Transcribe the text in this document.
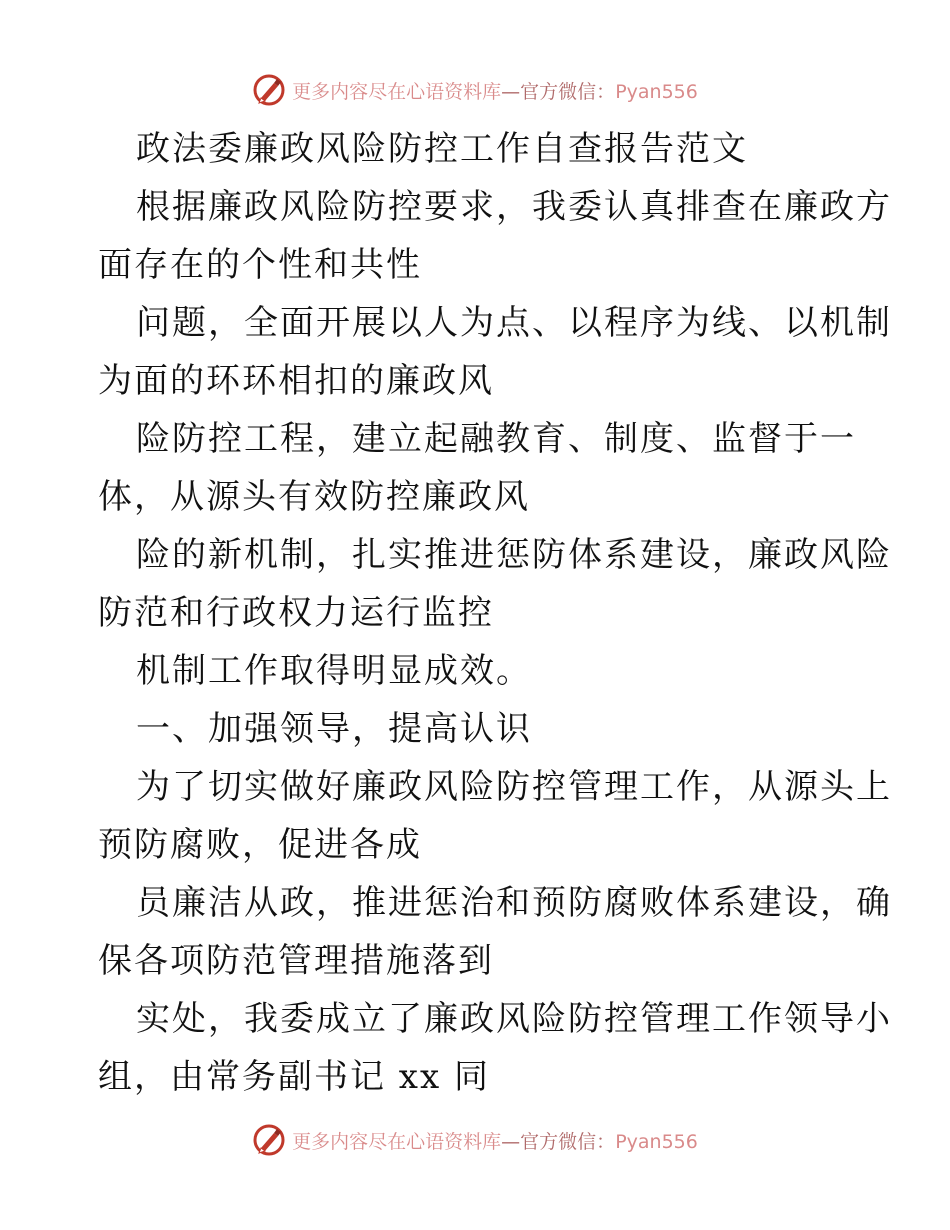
更多内容尽在心语资料库—官方微信：Pyan556
政法委廉政风险防控工作自查报告范文
根据廉政风险防控要求，我委认真排查在廉政方
面存在的个性和共性
问题，全面开展以人为点、以程序为线、以机制
为面的环环相扣的廉政风
险防控工程，建立起融教育、制度、监督于一
体，从源头有效防控廉政风
险的新机制，扎实推进惩防体系建设，廉政风险
防范和行政权力运行监控
机制工作取得明显成效。
一、加强领导，提高认识
为了切实做好廉政风险防控管理工作，从源头上
预防腐败，促进各成
员廉洁从政，推进惩治和预防腐败体系建设，确
保各项防范管理措施落到
实处，我委成立了廉政风险防控管理工作领导小
组，由常务副书记 xx 同
更多内容尽在心语资料库—官方微信：Pyan556
